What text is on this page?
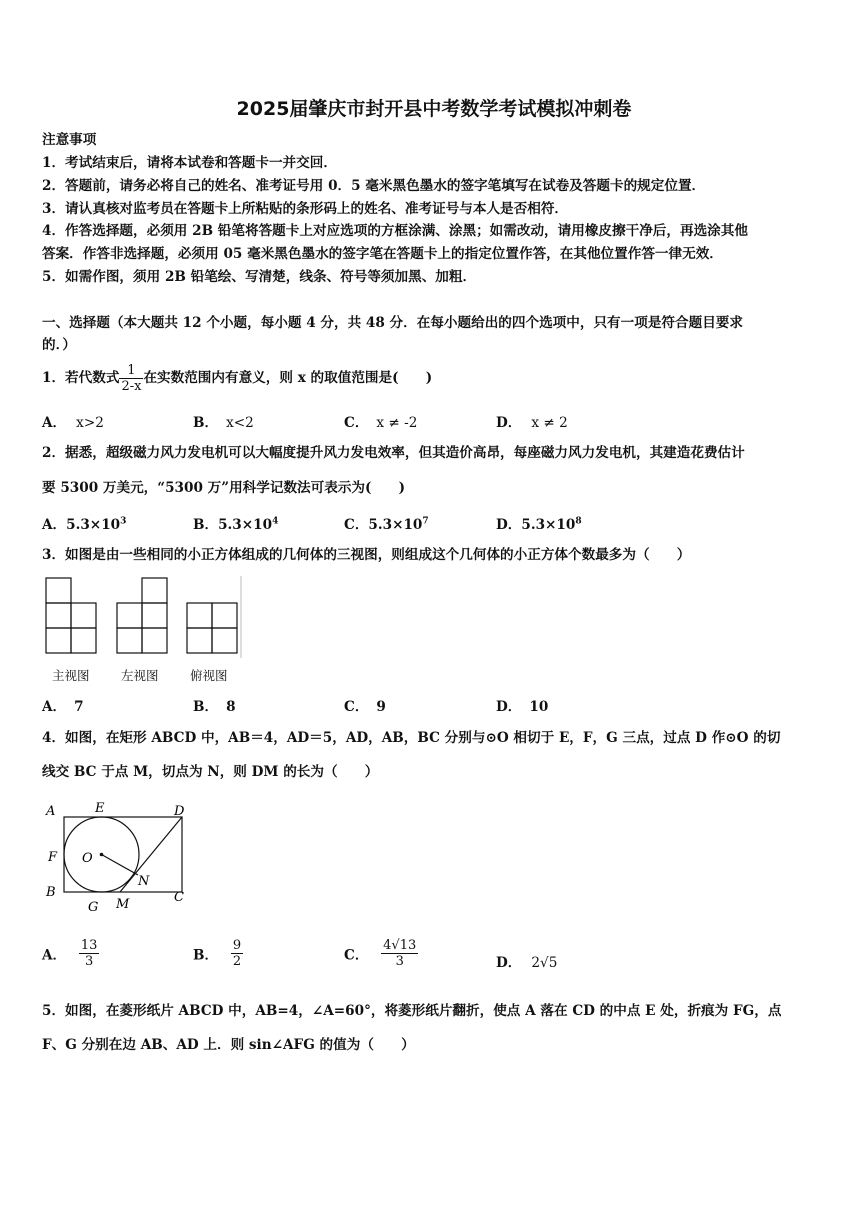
2025届肇庆市封开县中考数学考试模拟冲刺卷
注意事项
1．考试结束后，请将本试卷和答题卡一并交回．
2．答题前，请务必将自己的姓名、准考证号用 0．5 毫米黑色墨水的签字笔填写在试卷及答题卡的规定位置．
3．请认真核对监考员在答题卡上所粘贴的条形码上的姓名、准考证号与本人是否相符．
4．作答选择题，必须用 2B 铅笔将答题卡上对应选项的方框涂满、涂黑；如需改动，请用橡皮擦干净后，再选涂其他
答案．作答非选择题，必须用 05 毫米黑色墨水的签字笔在答题卡上的指定位置作答，在其他位置作答一律无效．
5．如需作图，须用 2B 铅笔绘、写清楚，线条、符号等须加黑、加粗．
一、选择题（本大题共 12 个小题，每小题 4 分，共 48 分．在每小题给出的四个选项中，只有一项是符合题目要求
的．）
1．若代数式 $\frac{1}{2-x}$ 在实数范围内有意义，则 x 的取值范围是(　　)
A． x>2	B． x<2	C． x ≠ -2	D． x ≠ 2
2．据悉，超级磁力风力发电机可以大幅度提升风力发电效率，但其造价高昂，每座磁力风力发电机，其建造花费估计
要 5300 万美元，“5300 万”用科学记数法可表示为(　　)
A．$5.3\times 10^3$	B．$5.3\times 10^4$	C．$5.3\times 10^7$	D．$5.3\times 10^8$
3．如图是由一些相同的小正方体组成的几何体的三视图，则组成这个几何体的小正方体个数最多为（　　）
主视图	左视图	俯视图
A． 7	B． 8	C． 9	D． 10
4．如图，在矩形 ABCD 中，AB＝4，AD＝5，AD，AB，BC 分别与⊙O 相切于 E，F，G 三点，过点 D 作⊙O 的切
线交 BC 于点 M，切点为 N，则 DM 的长为（　　）
A	E	D
F O
N
B
G M	C
A． $\frac{13}{3}$	B． $\frac{9}{2}$	C． $\frac{4√13}{3}$	D． 2√5
5．如图，在菱形纸片 ABCD 中，AB=4，∠A=60°，将菱形纸片翻折，使点 A 落在 CD 的中点 E 处，折痕为 FG，点
F、G 分别在边 AB、AD 上．则 sin∠AFG 的值为（　　）
